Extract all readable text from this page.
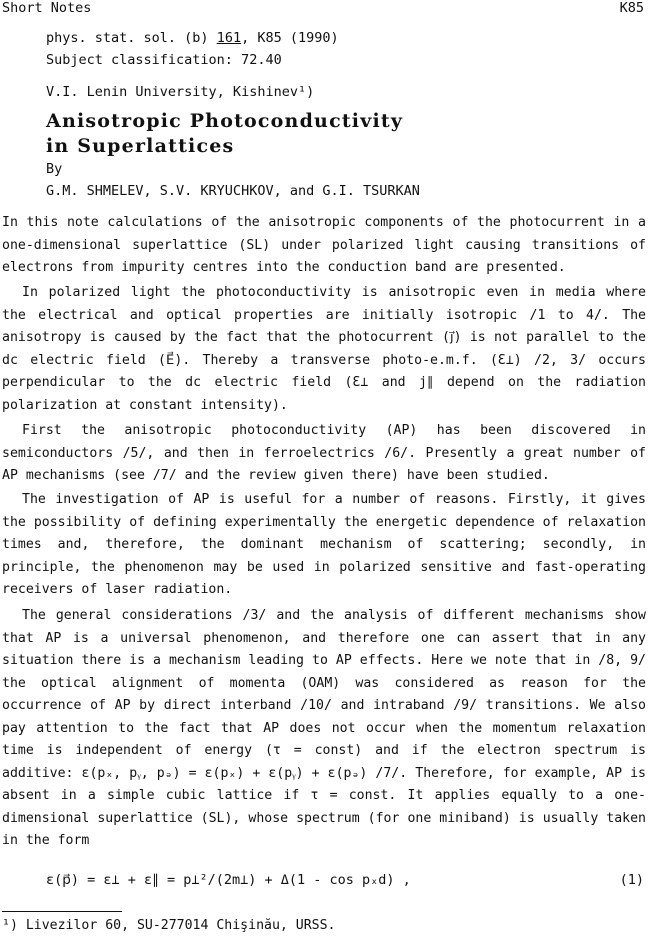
Short Notes	K85
phys. stat. sol. (b) 161, K85 (1990)
Subject classification: 72.40
V.I. Lenin University, Kishinev¹)
Anisotropic Photoconductivity
in Superlattices
By
G.M. SHMELEV, S.V. KRYUCHKOV, and G.I. TSURKAN

In this note calculations of the anisotropic components of the photocurrent in a one-dimensional superlattice (SL) under polarized light causing transitions of electrons from impurity centres into the conduction band are presented.

In polarized light the photoconductivity is anisotropic even in media where the electrical and optical properties are initially isotropic /1 to 4/. The anisotropy is caused by the fact that the photocurrent (j⃗) is not parallel to the dc electric field (E⃗). Thereby a transverse photo-e.m.f. (Ɛ⊥) /2, 3/ occurs perpendicular to the dc electric field (Ɛ⊥ and j∥ depend on the radiation polarization at constant intensity).

First the anisotropic photoconductivity (AP) has been discovered in semiconductors /5/, and then in ferroelectrics /6/. Presently a great number of AP mechanisms (see /7/ and the review given there) have been studied.

The investigation of AP is useful for a number of reasons. Firstly, it gives the possibility of defining experimentally the energetic dependence of relaxation times and, therefore, the dominant mechanism of scattering; secondly, in principle, the phenomenon may be used in polarized sensitive and fast-operating receivers of laser radiation.

The general considerations /3/ and the analysis of different mechanisms show that AP is a universal phenomenon, and therefore one can assert that in any situation there is a mechanism leading to AP effects. Here we note that in /8, 9/ the optical alignment of momenta (OAM) was considered as reason for the occurrence of AP by direct interband /10/ and intraband /9/ transitions. We also pay attention to the fact that AP does not occur when the momentum relaxation time is independent of energy (τ = const) and if the electron spectrum is additive: ε(pₓ, pᵧ, pₔ) = ε(pₓ) + ε(pᵧ) + ε(pₔ) /7/. Therefore, for example, AP is absent in a simple cubic lattice if τ = const. It applies equally to a one-dimensional superlattice (SL), whose spectrum (for one miniband) is usually taken in the form

ε(p⃗) = ε⊥ + ε∥ = p⊥²/(2m⊥) + Δ(1 - cos pₓd) ,	(1)
¹) Livezilor 60, SU-277014 Chişinău, URSS.
